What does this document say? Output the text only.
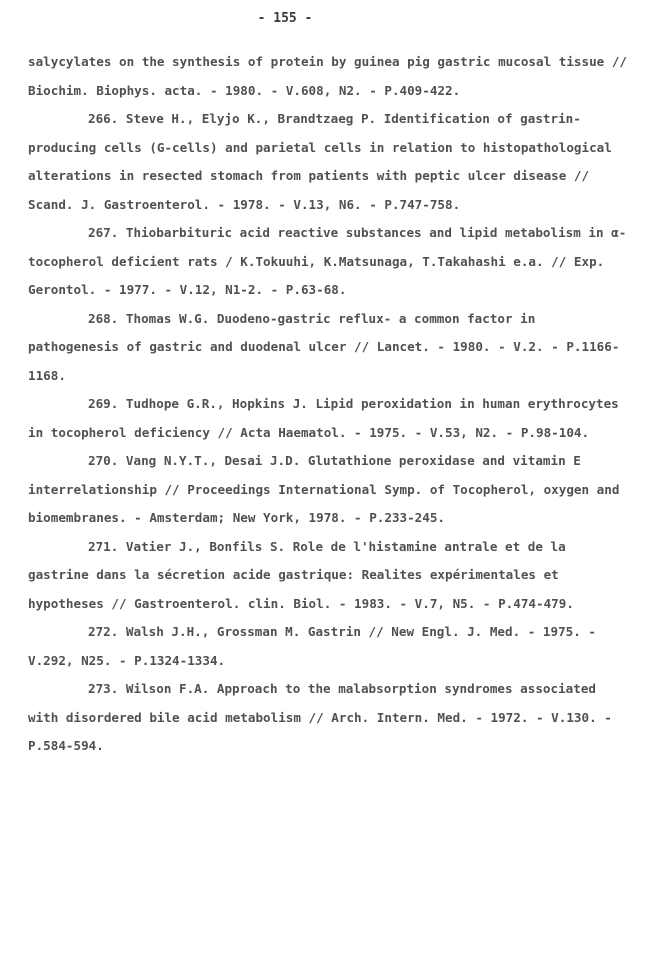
- 155 -

salycylates on the synthesis of protein by guinea pig gastric mucosal tissue // Biochim. Biophys. acta. - 1980. - V.608, N2. - P.409-422.

266. Steve H., Elyjo K., Brandtzaeg P. Identification of gastrin-producing cells (G-cells) and parietal cells in relation to histopathological alterations in resected stomach from patients with peptic ulcer disease // Scand. J. Gastroenterol. - 1978. - V.13, N6. - P.747-758.

267. Thiobarbituric acid reactive substances and lipid metabolism in α-tocopherol deficient rats / K.Tokuuhi, K.Matsunaga, T.Takahashi e.a. // Exp. Gerontol. - 1977. - V.12, N1-2. - P.63-68.

268. Thomas W.G. Duodeno-gastric reflux- a common factor in pathogenesis of gastric and duodenal ulcer // Lancet. - 1980. - V.2. - P.1166-1168.

269. Tudhope G.R., Hopkins J. Lipid peroxidation in human erythrocytes in tocopherol deficiency // Acta Haematol. - 1975. - V.53, N2. - P.98-104.

270. Vang N.Y.T., Desai J.D. Glutathione peroxidase and vitamin E interrelationship // Proceedings International Symp. of Tocopherol, oxygen and biomembranes. - Amsterdam; New York, 1978. - P.233-245.

271. Vatier J., Bonfils S. Role de l'histamine antrale et de la gastrine dans la sécretion acide gastrique: Realites expérimentales et hypotheses // Gastroenterol. clin. Biol. - 1983. - V.7, N5. - P.474-479.

272. Walsh J.H., Grossman M. Gastrin // New Engl. J. Med. - 1975. - V.292, N25. - P.1324-1334.

273. Wilson F.A. Approach to the malabsorption syndromes associated with disordered bile acid metabolism // Arch. Intern. Med. - 1972. - V.130. - P.584-594.
